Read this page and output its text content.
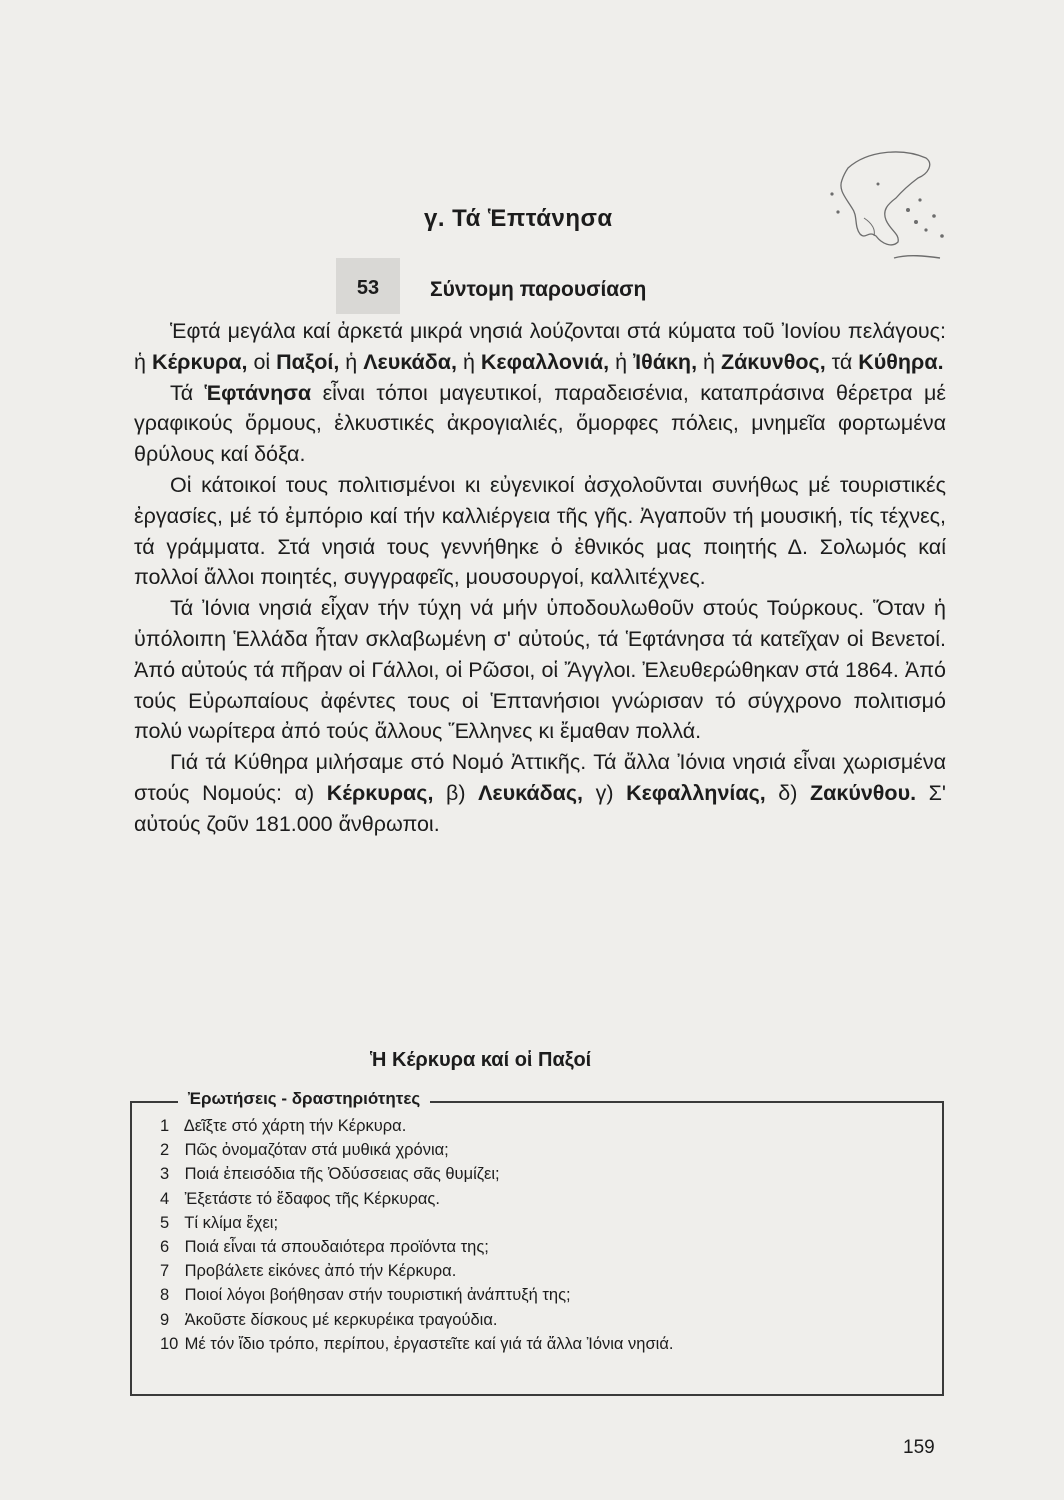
γ. Τά Ἑπτάνησα
53	Σύντομη παρουσίαση

Ἑφτά μεγάλα καί ἀρκετά μικρά νησιά λούζονται στά κύματα τοῦ Ἰονίου πελάγους: ἡ Κέρκυρα, οἱ Παξοί, ἡ Λευκάδα, ἡ Κεφαλλονιά, ἡ Ἰθάκη, ἡ Ζάκυνθος, τά Κύθηρα.

Τά Ἑφτάνησα εἶναι τόποι μαγευτικοί, παραδεισένια, καταπράσινα θέρετρα μέ γραφικούς ὅρμους, ἑλκυστικές ἀκρογιαλιές, ὅμορφες πόλεις, μνημεῖα φορτωμένα θρύλους καί δόξα.

Οἱ κάτοικοί τους πολιτισμένοι κι εὐγενικοί ἀσχολοῦνται συνήθως μέ τουριστικές ἐργασίες, μέ τό ἐμπόριο καί τήν καλλιέργεια τῆς γῆς. Ἀγαποῦν τή μουσική, τίς τέχνες, τά γράμματα. Στά νησιά τους γεννήθηκε ὁ ἐθνικός μας ποιητής Δ. Σολωμός καί πολλοί ἄλλοι ποιητές, συγγραφεῖς, μουσουργοί, καλλιτέχνες.

Τά Ἰόνια νησιά εἶχαν τήν τύχη νά μήν ὑποδουλωθοῦν στούς Τούρκους. Ὅταν ἡ ὑπόλοιπη Ἑλλάδα ἦταν σκλαβωμένη σ' αὐτούς, τά Ἑφτάνησα τά κατεῖχαν οἱ Βενετοί. Ἀπό αὐτούς τά πῆραν οἱ Γάλλοι, οἱ Ρῶσοι, οἱ Ἄγγλοι. Ἐλευθερώθηκαν στά 1864. Ἀπό τούς Εὐρωπαίους ἀφέντες τους οἱ Ἑπτανήσιοι γνώρισαν τό σύγχρονο πολιτισμό πολύ νωρίτερα ἀπό τούς ἄλλους Ἕλληνες κι ἔμαθαν πολλά.

Γιά τά Κύθηρα μιλήσαμε στό Νομό Ἀττικῆς. Τά ἄλλα Ἰόνια νησιά εἶναι χωρισμένα στούς Νομούς: α) Κέρκυρας, β) Λευκάδας, γ) Κεφαλληνίας, δ) Ζακύνθου. Σ' αὐτούς ζοῦν 181.000 ἄνθρωποι.

Ἡ Κέρκυρα καί οἱ Παξοί
Ἐρωτήσεις - δραστηριότητες
1 Δεῖξτε στό χάρτη τήν Κέρκυρα.
2 Πῶς ὀνομαζόταν στά μυθικά χρόνια;
3 Ποιά ἐπεισόδια τῆς Ὀδύσσειας σᾶς θυμίζει;
4 Ἐξετάστε τό ἔδαφος τῆς Κέρκυρας.
5 Τί κλίμα ἔχει;
6 Ποιά εἶναι τά σπουδαιότερα προϊόντα της;
7 Προβάλετε εἰκόνες ἀπό τήν Κέρκυρα.
8 Ποιοί λόγοι βοήθησαν στήν τουριστική ἀνάπτυξή της;
9 Ἀκοῦστε δίσκους μέ κερκυρέικα τραγούδια.
10 Μέ τόν ἴδιο τρόπο, περίπου, ἐργαστεῖτε καί γιά τά ἄλλα Ἰόνια νησιά.
159
